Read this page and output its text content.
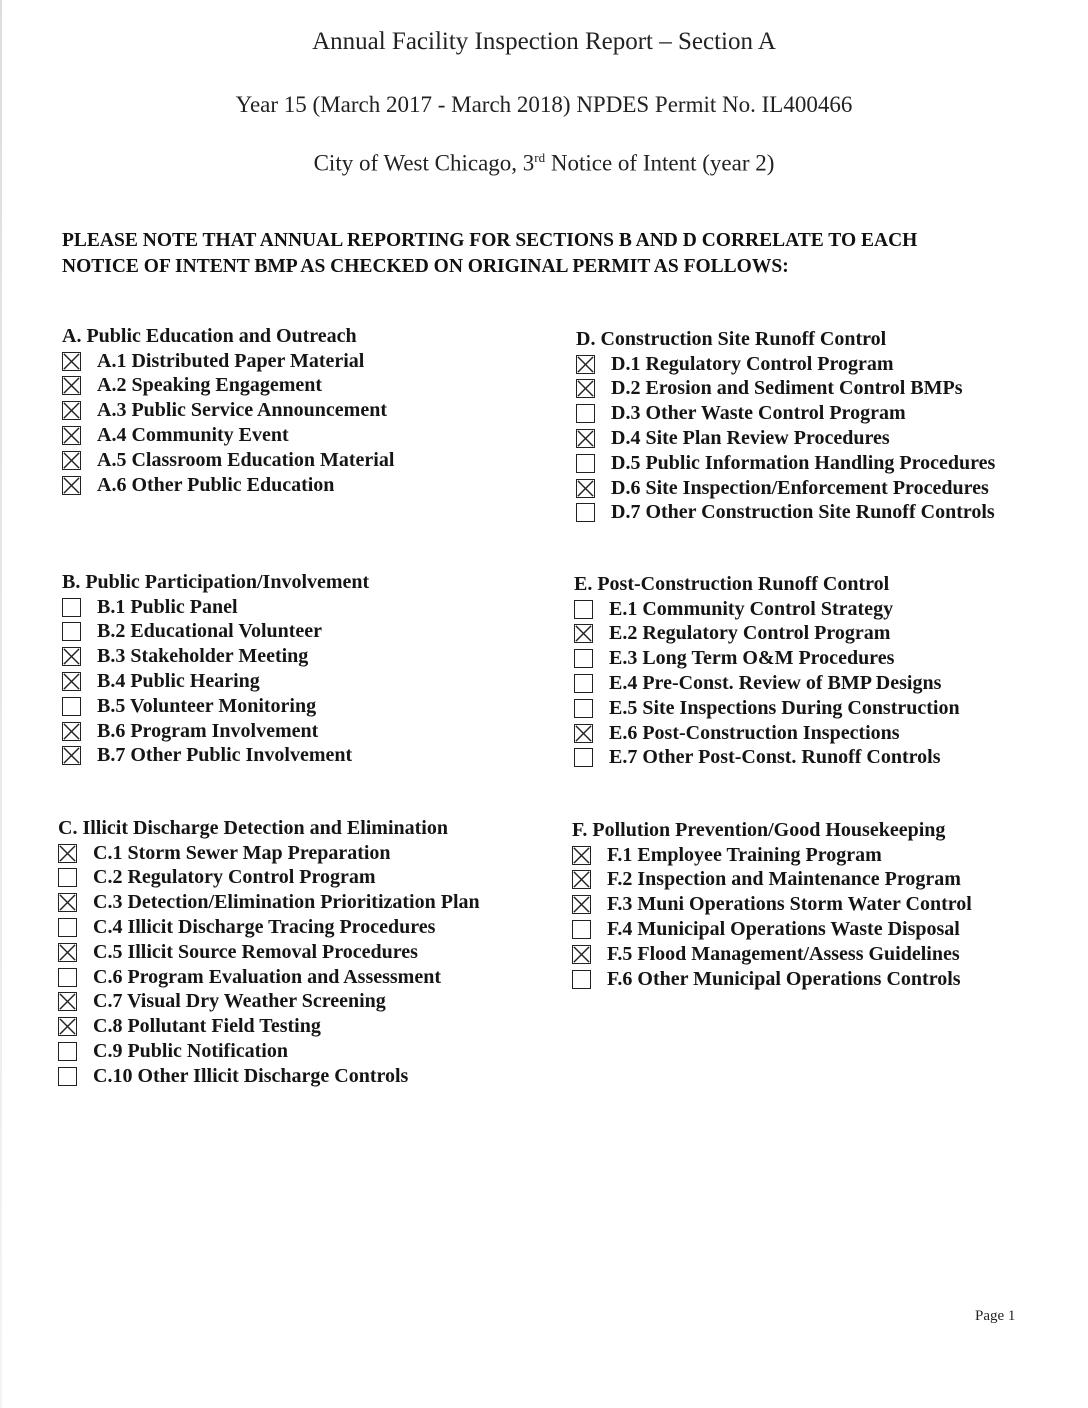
Annual Facility Inspection Report – Section A
Year 15 (March 2017 - March 2018) NPDES Permit No. IL400466
City of West Chicago, 3rd Notice of Intent (year 2)
PLEASE NOTE THAT ANNUAL REPORTING FOR SECTIONS B AND D CORRELATE TO EACH
NOTICE OF INTENT BMP AS CHECKED ON ORIGINAL PERMIT AS FOLLOWS:
A. Public Education and Outreach
A.1 Distributed Paper Material
A.2 Speaking Engagement
A.3 Public Service Announcement
A.4 Community Event
A.5 Classroom Education Material
A.6 Other Public Education
B. Public Participation/Involvement
B.1 Public Panel
B.2 Educational Volunteer
B.3 Stakeholder Meeting
B.4 Public Hearing
B.5 Volunteer Monitoring
B.6 Program Involvement
B.7 Other Public Involvement
C. Illicit Discharge Detection and Elimination
C.1 Storm Sewer Map Preparation
C.2 Regulatory Control Program
C.3 Detection/Elimination Prioritization Plan
C.4 Illicit Discharge Tracing Procedures
C.5 Illicit Source Removal Procedures
C.6 Program Evaluation and Assessment
C.7 Visual Dry Weather Screening
C.8 Pollutant Field Testing
C.9 Public Notification
C.10 Other Illicit Discharge Controls
D. Construction Site Runoff Control
D.1 Regulatory Control Program
D.2 Erosion and Sediment Control BMPs
D.3 Other Waste Control Program
D.4 Site Plan Review Procedures
D.5 Public Information Handling Procedures
D.6 Site Inspection/Enforcement Procedures
D.7 Other Construction Site Runoff Controls
E. Post-Construction Runoff Control
E.1 Community Control Strategy
E.2 Regulatory Control Program
E.3 Long Term O&M Procedures
E.4 Pre-Const. Review of BMP Designs
E.5 Site Inspections During Construction
E.6 Post-Construction Inspections
E.7 Other Post-Const. Runoff Controls
F. Pollution Prevention/Good Housekeeping
F.1 Employee Training Program
F.2 Inspection and Maintenance Program
F.3 Muni Operations Storm Water Control
F.4 Municipal Operations Waste Disposal
F.5 Flood Management/Assess Guidelines
F.6 Other Municipal Operations Controls
Page 1
